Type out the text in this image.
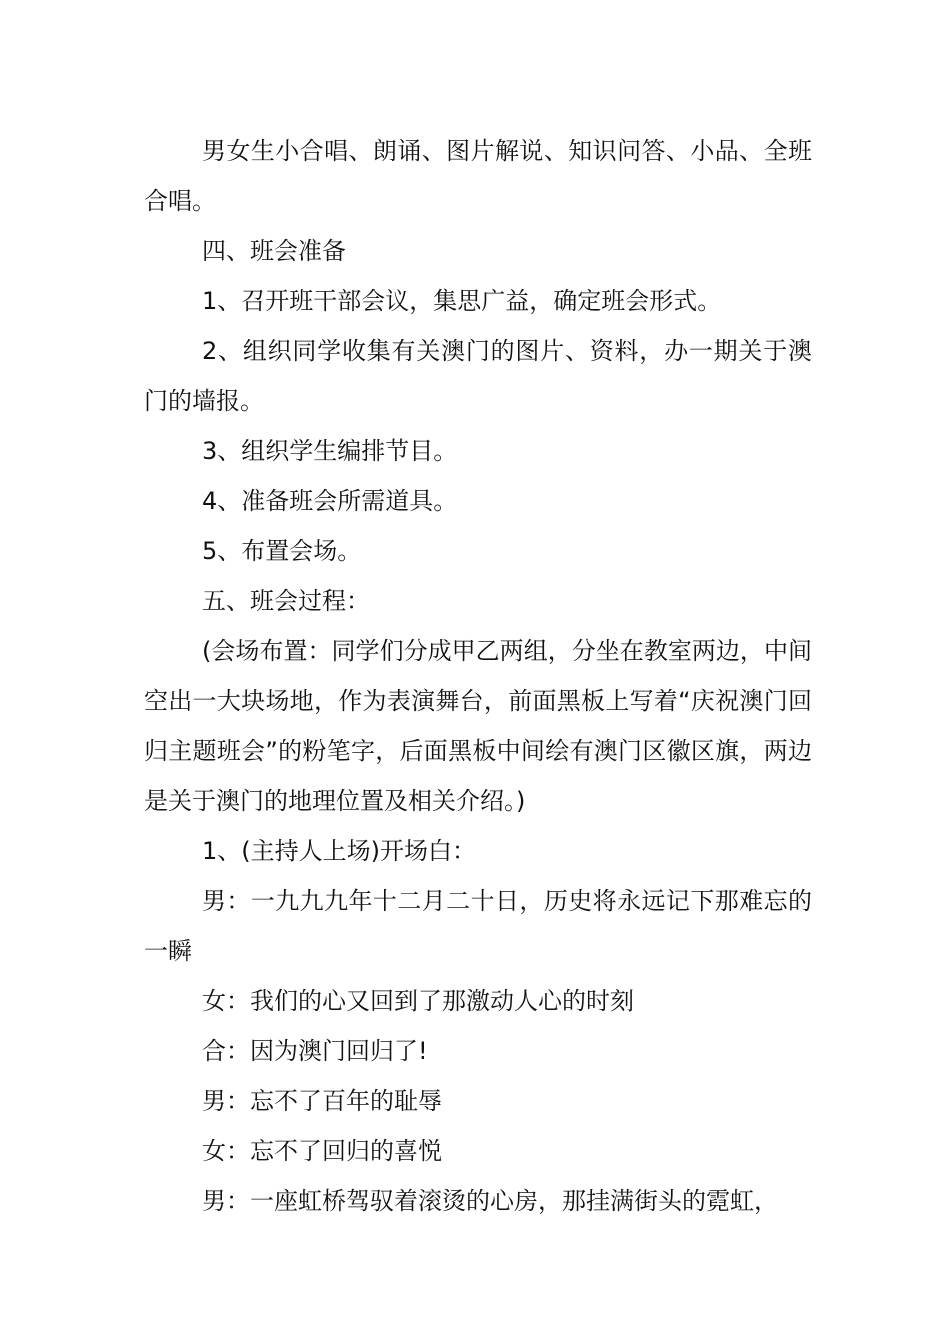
男女生小合唱、朗诵、图片解说、知识问答、小品、全班合唱。

四、班会准备

1、召开班干部会议，集思广益，确定班会形式。

2、组织同学收集有关澳门的图片、资料，办一期关于澳门的墙报。

3、组织学生编排节目。

4、准备班会所需道具。

5、布置会场。

五、班会过程：

(会场布置：同学们分成甲乙两组，分坐在教室两边，中间空出一大块场地，作为表演舞台，前面黑板上写着“庆祝澳门回归主题班会”的粉笔字，后面黑板中间绘有澳门区徽区旗，两边是关于澳门的地理位置及相关介绍。)

1、(主持人上场)开场白：

男：一九九九年十二月二十日，历史将永远记下那难忘的一瞬

女：我们的心又回到了那激动人心的时刻

合：因为澳门回归了!

男：忘不了百年的耻辱

女：忘不了回归的喜悦

男：一座虹桥驾驭着滚烫的心房，那挂满街头的霓虹，
